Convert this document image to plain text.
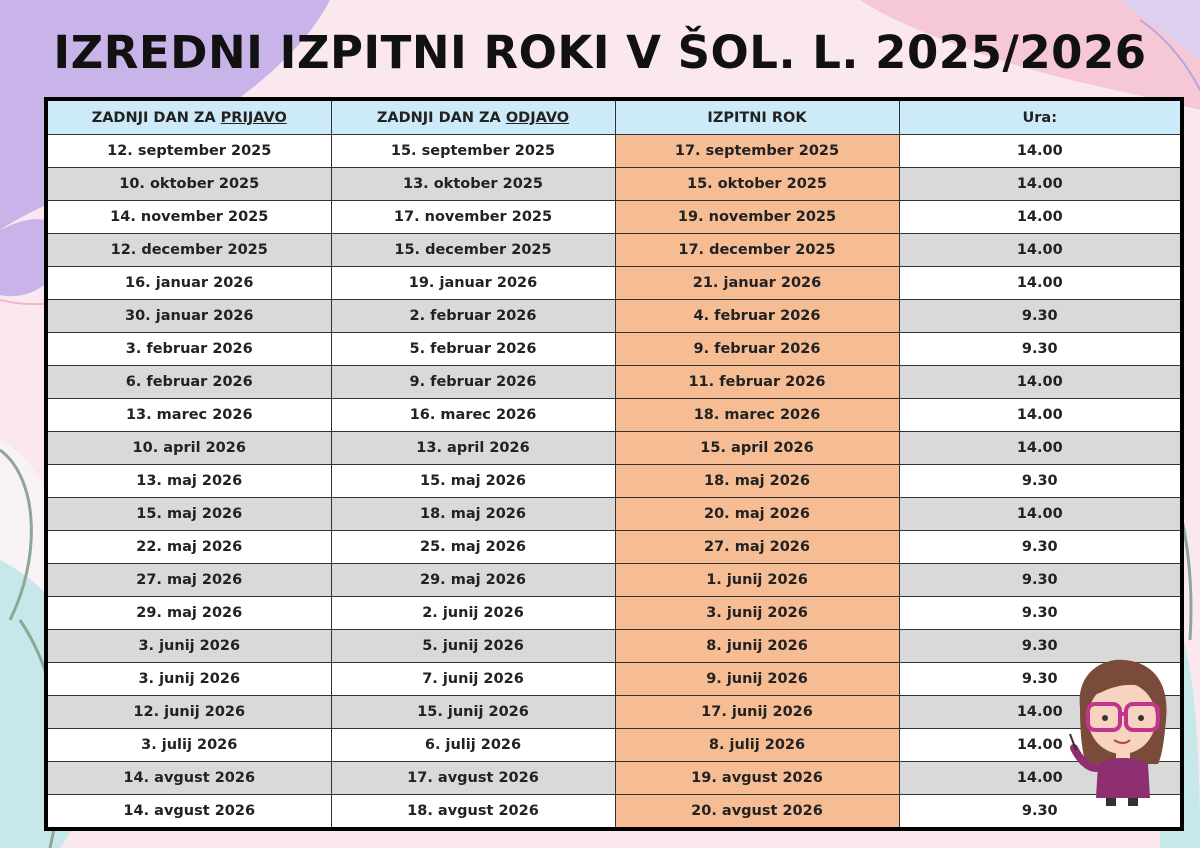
IZREDNI IZPITNI ROKI V ŠOL. L. 2025/2026
ZADNJI DAN ZA PRIJAVO	ZADNJI DAN ZA ODJAVO	IZPITNI ROK	Ura:
12. september 2025	15. september 2025	17. september 2025	14.00
10. oktober 2025	13. oktober 2025	15. oktober 2025	14.00
14. november 2025	17. november 2025	19. november 2025	14.00
12. december 2025	15. december 2025	17. december 2025	14.00
16. januar 2026	19. januar 2026	21. januar 2026	14.00
30. januar 2026	2. februar 2026	4. februar 2026	9.30
3. februar 2026	5. februar 2026	9. februar 2026	9.30
6. februar 2026	9. februar 2026	11. februar 2026	14.00
13. marec 2026	16. marec 2026	18. marec 2026	14.00
10. april 2026	13. april 2026	15. april 2026	14.00
13. maj 2026	15. maj 2026	18. maj 2026	9.30
15. maj 2026	18. maj 2026	20. maj 2026	14.00
22. maj 2026	25. maj 2026	27. maj 2026	9.30
27. maj 2026	29. maj 2026	1. junij 2026	9.30
29. maj 2026	2. junij 2026	3. junij 2026	9.30
3. junij 2026	5. junij 2026	8. junij 2026	9.30
3. junij 2026	7. junij 2026	9. junij 2026	9.30
12. junij 2026	15. junij 2026	17. junij 2026	14.00
3. julij 2026	6. julij 2026	8. julij 2026	14.00
14. avgust 2026	17. avgust 2026	19. avgust 2026	14.00
14. avgust 2026	18. avgust 2026	20. avgust 2026	9.30
